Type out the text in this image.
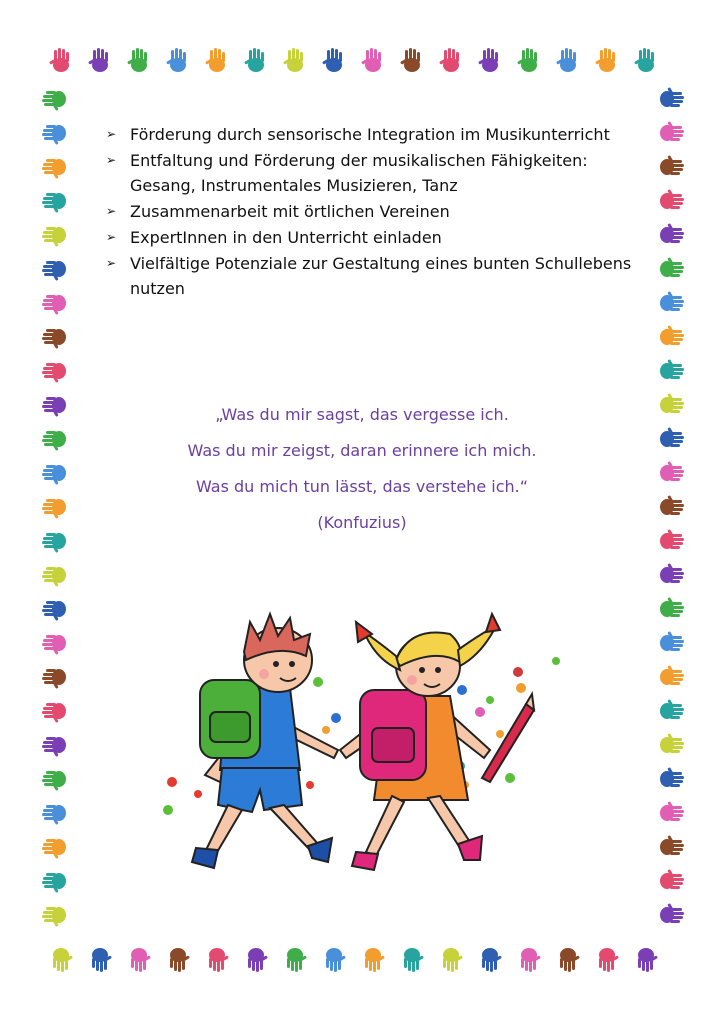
➢ Förderung durch sensorische Integration im Musikunterricht
➢ Entfaltung und Förderung der musikalischen Fähigkeiten: Gesang, Instrumentales Musizieren, Tanz
➢ Zusammenarbeit mit örtlichen Vereinen
➢ ExpertInnen in den Unterricht einladen
➢ Vielfältige Potenziale zur Gestaltung eines bunten Schullebens nutzen

„Was du mir sagst, das vergesse ich.

Was du mir zeigst, daran erinnere ich mich.

Was du mich tun lässt, das verstehe ich.“

(Konfuzius)
